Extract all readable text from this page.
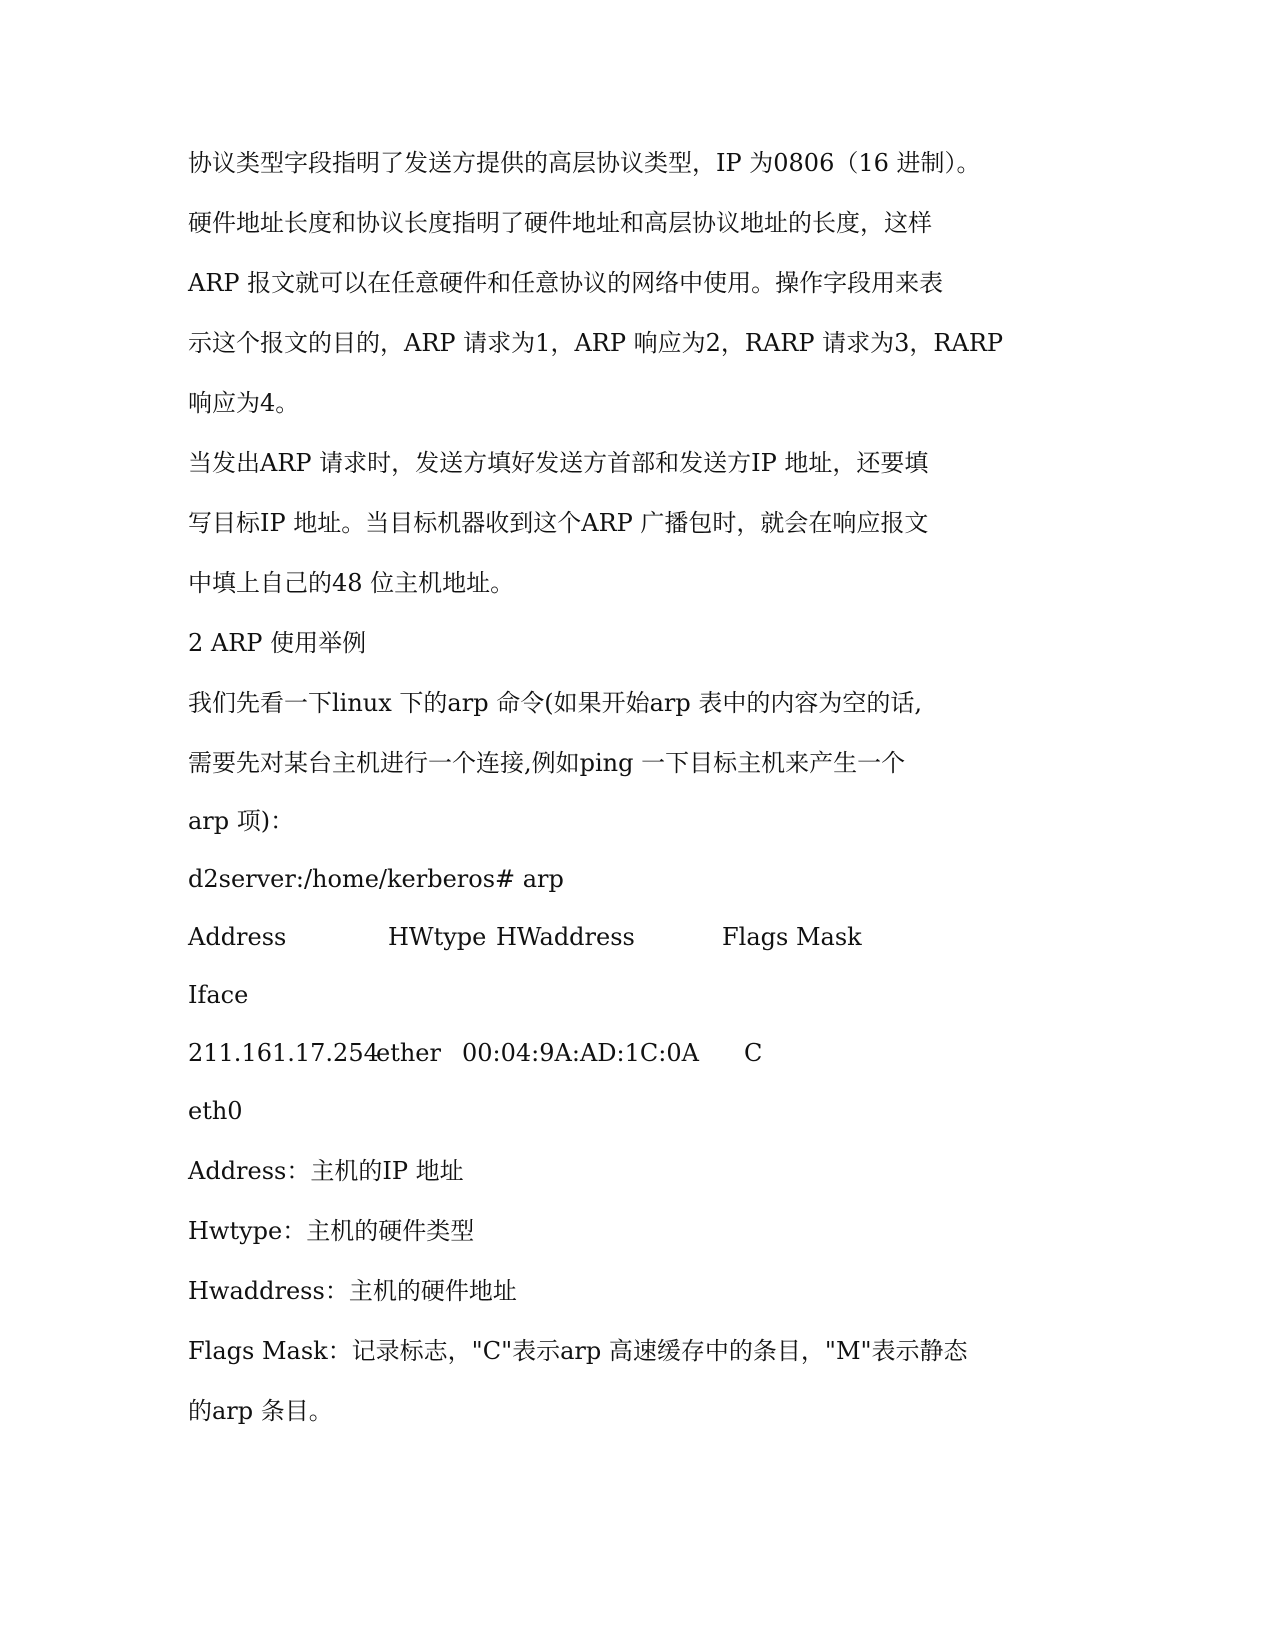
协议类型字段指明了发送方提供的高层协议类型，IP 为0806（16 进制）。
硬件地址长度和协议长度指明了硬件地址和高层协议地址的长度，这样
ARP 报文就可以在任意硬件和任意协议的网络中使用。操作字段用来表
示这个报文的目的，ARP 请求为1，ARP 响应为2，RARP 请求为3，RARP
响应为4。
当发出ARP 请求时，发送方填好发送方首部和发送方IP 地址，还要填
写目标IP 地址。当目标机器收到这个ARP 广播包时，就会在响应报文
中填上自己的48 位主机地址。
2 ARP 使用举例
我们先看一下linux 下的arp 命令(如果开始arp 表中的内容为空的话,
需要先对某台主机进行一个连接,例如ping 一下目标主机来产生一个
arp 项)：
d2server:/home/kerberos# arp
Address	HWtype HWaddress	Flags Mask
Iface
211.161.17.254
ether 00:04:9A:AD:1C:0A C
eth0
Address：主机的IP 地址
Hwtype：主机的硬件类型
Hwaddress：主机的硬件地址
Flags Mask：记录标志，"C"表示arp 高速缓存中的条目，"M"表示静态
的arp 条目。
